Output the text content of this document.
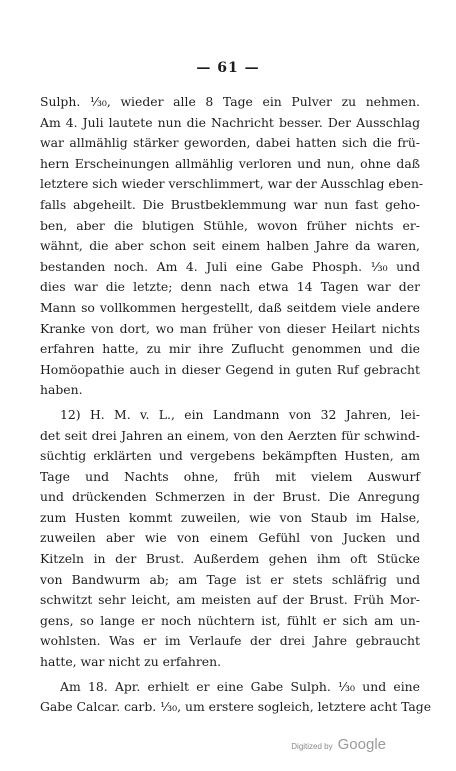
— 61 —
Sulph. ⅟₃₀, wieder alle 8 Tage ein Pulver zu nehmen.
Am 4. Juli lautete nun die Nachricht besser. Der Ausschlag
war allmählig stärker geworden, dabei hatten sich die frü-
hern Erscheinungen allmählig verloren und nun, ohne daß
letztere sich wieder verschlimmert, war der Ausschlag eben-
falls abgeheilt. Die Brustbeklemmung war nun fast geho-
ben, aber die blutigen Stühle, wovon früher nichts er-
wähnt, die aber schon seit einem halben Jahre da waren,
bestanden noch. Am 4. Juli eine Gabe Phosph. ⅟₃₀ und
dies war die letzte; denn nach etwa 14 Tagen war der
Mann so vollkommen hergestellt, daß seitdem viele andere
Kranke von dort, wo man früher von dieser Heilart nichts
erfahren hatte, zu mir ihre Zuflucht genommen und die
Homöopathie auch in dieser Gegend in guten Ruf gebracht
haben.
12) H. M. v. L., ein Landmann von 32 Jahren, lei-
det seit drei Jahren an einem, von den Aerzten für schwind-
süchtig erklärten und vergebens bekämpften Husten, am
Tage und Nachts ohne, früh mit vielem Auswurf
und drückenden Schmerzen in der Brust. Die Anregung
zum Husten kommt zuweilen, wie von Staub im Halse,
zuweilen aber wie von einem Gefühl von Jucken und
Kitzeln in der Brust. Außerdem gehen ihm oft Stücke
von Bandwurm ab; am Tage ist er stets schläfrig und
schwitzt sehr leicht, am meisten auf der Brust. Früh Mor-
gens, so lange er noch nüchtern ist, fühlt er sich am un-
wohlsten. Was er im Verlaufe der drei Jahre gebraucht
hatte, war nicht zu erfahren.
Am 18. Apr. erhielt er eine Gabe Sulph. ⅟₃₀ und eine
Gabe Calcar. carb. ⅟₃₀, um erstere sogleich, letztere acht Tage
Digitized by Google
